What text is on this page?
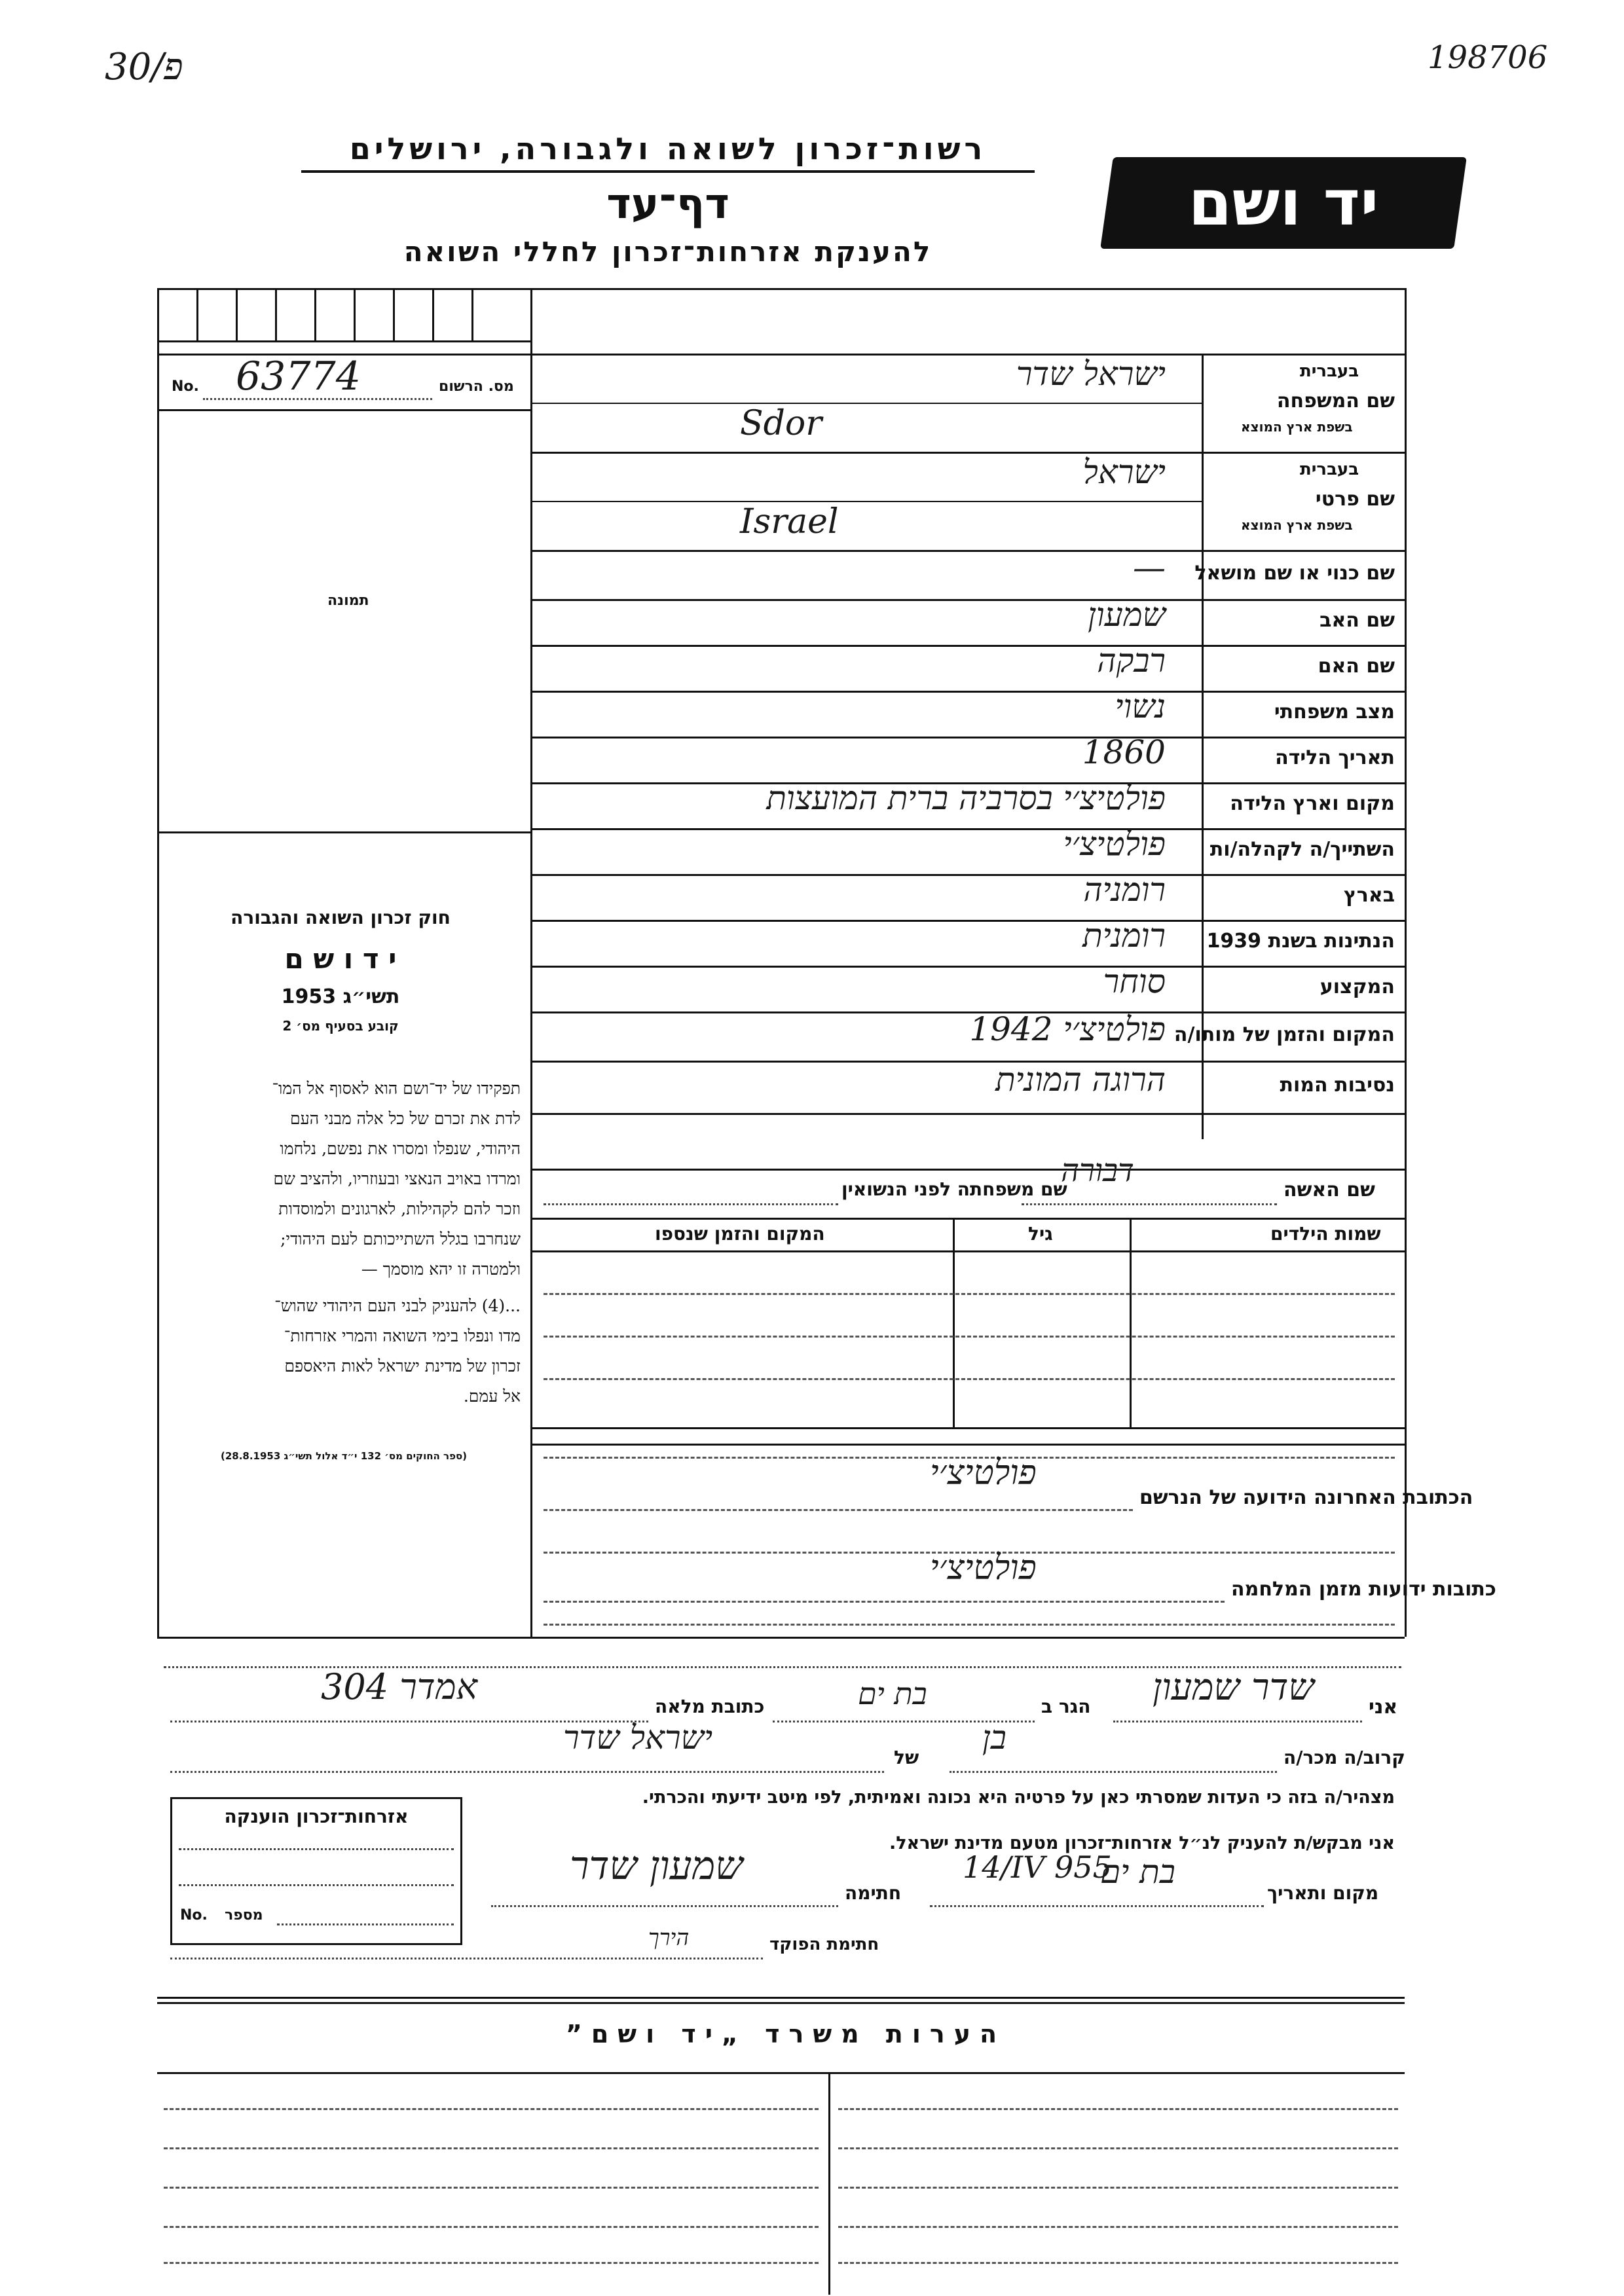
30/פ	198706
רשות־זכרון לשואה ולגבורה, ירושלים
דף־עד
להענקת אזרחות־זכרון לחללי השואה
יד ושם
No. 63774	מס. הרשום
תמונה
חוק זכרון השואה והגבורה
י ד ו ש ם
תשי״ג 1953
קובע בסעיף מס׳ 2
תפקידו של יד־ושם הוא לאסוף אל המו־
לדת את זכרם של כל אלה מבני העם
היהודי, שנפלו ומסרו את נפשם, נלחמו
ומרדו באויב הנאצי ובעוזריו, ולהציב שם
וזכר להם לקהילות, לארגונים ולמוסדות
שנחרבו בגלל השתייכותם לעם היהודי;
ולמטרה זו יהא מוסמך —
...(4) להעניק לבני העם היהודי שהוש־
מדו ונפלו בימי השואה והמרי אזרחות־
זכרון של מדינת ישראל לאות היאספם
אל עמם.
(ספר החוקים מס׳ 132 י״ד אלול תשי״ג 28.8.1953)
שם המשפחה
בעברית
בשפת ארץ המוצא
ישראל שדר
Sdor
שם פרטי
בעברית
בשפת ארץ המוצא
ישראל
Israel
שם כנוי או שם מושאל
—
שם האב
שמעון
שם האם
רבקה
מצב משפחתי
נשוי
תאריך הלידה
1860
מקום וארץ הלידה
פולטיצ׳י בסרביה ברית המועצות
השתייך/ה לקהלה/ות
פולטיצ׳י
בארץ
רומניה
הנתינות בשנת 1939
רומנית
המקצוע
סוחר
המקום והזמן של מותו/ה
פולטיצ׳י 1942
נסיבות המות
הרוגה המונית
שם האשה
דבורה
שם משפחתה לפני הנשואין
שמות הילדים
גיל
המקום והזמן שנספו
הכתובת האחרונה הידועה של הנרשם
פולטיצ׳י
כתובות ידועות מזמן המלחמה
פולטיצ׳י
אני
שדר שמעון
הגר ב
בת ים
כתובת מלאה
אמדר 304
קרוב/ה מכר/ה
בן
של
ישראל שדר
מצהיר/ה בזה כי העדות שמסרתי כאן על פרטיה היא נכונה ואמיתית, לפי מיטב ידיעתי והכרתי.
אזרחות־זכרון הוענקה
מספר
No.
אני מבקש/ת להעניק לנ״ל אזרחות־זכרון מטעם מדינת ישראל.
מקום ותאריך
בת ים
14/IV 955
חתימה
שמעון שדר
חתימת הפוקד
הירך
הערות משרד „יד ושם”
